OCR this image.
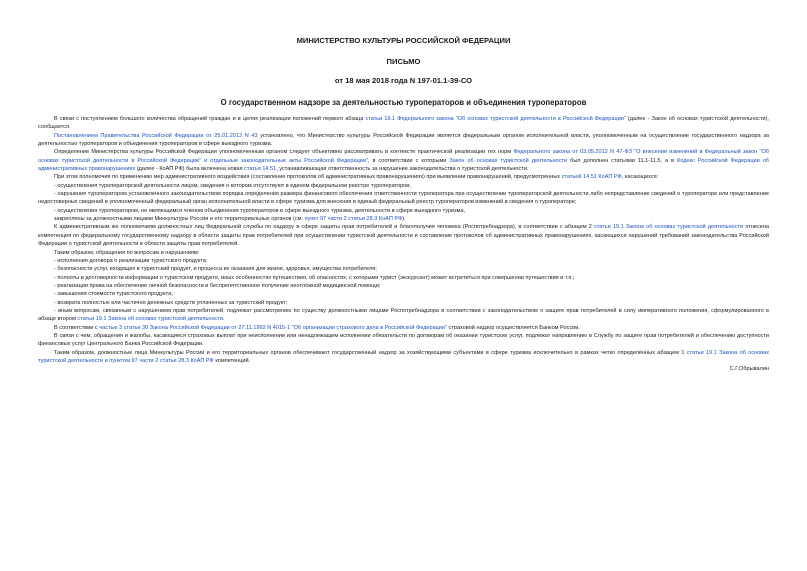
МИНИСТЕРСТВО КУЛЬТУРЫ РОССИЙСКОЙ ФЕДЕРАЦИИ
ПИСЬМО
от 18 мая 2018 года N 197-01.1-39-СО
О государственном надзоре за деятельностью туроператоров и объединения туроператоров

В связи с поступлением большого количества обращений граждан и в целях реализации положений первого абзаца статьи 19.1 Федерального закона "Об основах туристской деятельности в Российской Федерации" (далее - Закон об основах туристской деятельности), сообщается.

Постановлением Правительства Российской Федерации от 25.01.2013 N 43 установлено, что Министерство культуры Российской Федерации является федеральным органом исполнительной власти, уполномоченным на осуществление государственного надзора за деятельностью туроператоров и объединения туроператоров в сфере выездного туризма.

Определение Министерства культуры Российской Федерации уполномоченным органом следует объективно рассматривать в контексте практической реализации тех норм Федерального закона от 03.05.2012 N 47-ФЗ "О внесении изменений в Федеральный закон "Об основах туристской деятельности в Российской Федерации" и отдельные законодательные акты Российской Федерации", в соответствии с которыми Закон об основах туристской деятельности был дополнен статьями 11.1-11.5, а в Кодекс Российской Федерации об административных правонарушениях (далее - КоАП РФ) была включена новая статья 14.51, устанавливающая ответственность за нарушение законодательства о туристской деятельности.

При этом полномочия по применению мер административного воздействия (составление протоколов об административных правонарушениях) при выявлении правонарушений, предусмотренных статьей 14.51 КоАП РФ, касающихся:

- осуществления туроператорской деятельности лицом, сведения о котором отсутствуют в едином федеральном реестре туроператоров;

- нарушения туроператором установленного законодательством порядка определения размера финансового обеспечения ответственности туроператора при осуществлении туроператорской деятельности либо непредставление сведений о туроператоре или представление недостоверных сведений в уполномоченный федеральный орган исполнительной власти в сфере туризма для внесения в единый федеральный реестр туроператоров изменений в сведения о туроператоре;

- осуществления туроператором, не являющимся членом объединения туроператоров в сфере выездного туризма, деятельности в сфере выездного туризма,

закреплены за должностными лицами Минкультуры России и его территориальных органов (см. пункт 97 части 2 статьи 28.3 КоАП РФ).

К административным же полномочиям должностных лиц Федеральной службы по надзору в сфере защиты прав потребителей и благополучия человека (Роспотребнадзора), в соответствии с абзацем 2 статьи 19.1 Закона об основах туристской деятельности отнесена компетенция по федеральному государственному надзору в области защиты прав потребителей при осуществлении туристской деятельности и составление протоколов об административных правонарушениях, касающихся нарушений требований законодательства Российской Федерации о туристской деятельности в области защиты прав потребителей.

Таким образом, обращения по вопросам и нарушениям:

- исполнения договора о реализации туристского продукта;

- безопасности услуг, входящих в туристский продукт, и процесса их оказания для жизни, здоровья, имущества потребителя;

- полноты и достоверности информации о туристском продукте, иных особенностях путешествия, об опасностях, с которыми турист (экскурсант) может встретиться при совершении путешествия и т.п.;

- реализации права на обеспечение личной безопасности и беспрепятственное получение неотложной медицинской помощи;

- завышения стоимости туристского продукта;

- возврата полностью или частично денежных средств уплаченных за туристский продукт;

- иным вопросам, связанным с нарушением прав потребителей, подлежат рассмотрению по существу должностными лицами Роспотребнадзора в соответствии с законодательством о защите прав потребителей в силу императивного положения, сформулированного в абзаце втором статьи 19.1 Закона об основах туристской деятельности.

В соответствии с частью 3 статьи 30 Закона Российской Федерации от 27.11.1992 N 4015-1 "Об организации страхового дела в Российской Федерации" страховой надзор осуществляется Банком России.

В связи с чем, обращения и жалобы, касающиеся страховых выплат при неисполнении или ненадлежащем исполнении обязательств по договорам об оказании туристских услуг, подлежат направлению в Службу по защите прав потребителей и обеспечению доступности финансовых услуг Центрального Банка Российской Федерации.

Таким образом, должностные лица Минкультуры России и его территориальных органов обеспечивают государственный надзор за хозяйствующими субъектами в сфере туризма исключительно в рамках четко определённых абзацем 1 статьи 19.1 Закона об основах туристской деятельности и пунктом 97 части 2 статьи 28.3 КоАП РФ компетенций.

С.Г.Обрывалин
